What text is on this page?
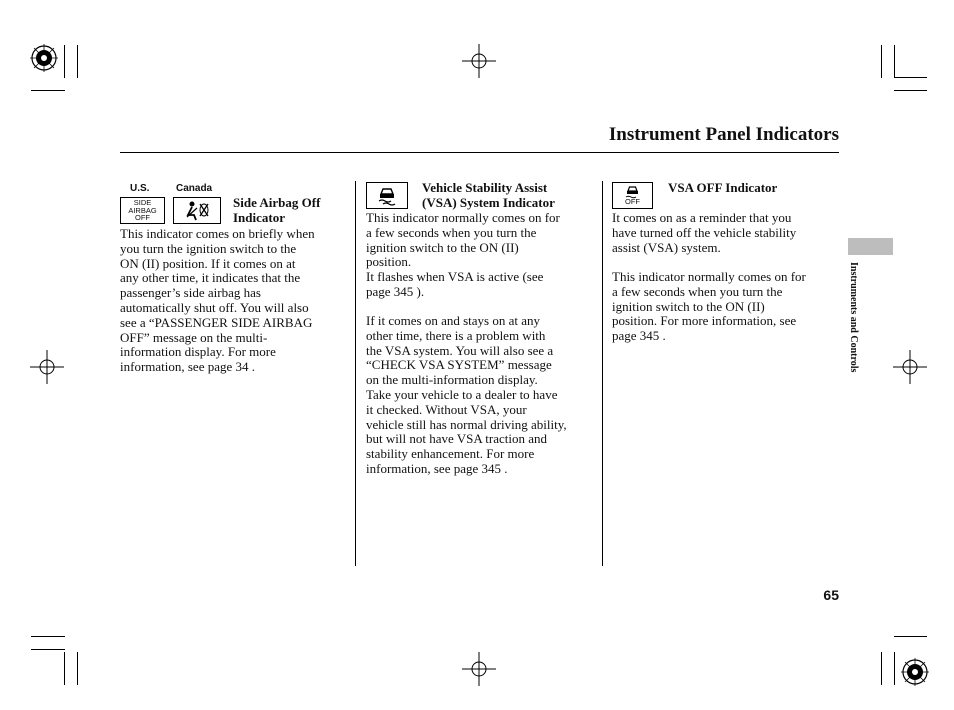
Instrument Panel Indicators
U.S.	Canada
SIDE
AIRBAG
OFF
Side Airbag Off
Indicator
This indicator comes on briefly when
you turn the ignition switch to the
ON (II) position. If it comes on at
any other time, it indicates that the
passenger’s side airbag has
automatically shut off. You will also
see a “PASSENGER SIDE AIRBAG
OFF” message on the multi-
information display. For more
information, see page 34 .
Vehicle Stability Assist
(VSA) System Indicator
This indicator normally comes on for
a few seconds when you turn the
ignition switch to the ON (II)
position.
It flashes when VSA is active (see
page 345 ).
If it comes on and stays on at any
other time, there is a problem with
the VSA system. You will also see a
“CHECK VSA SYSTEM” message
on the multi-information display.
Take your vehicle to a dealer to have
it checked. Without VSA, your
vehicle still has normal driving ability,
but will not have VSA traction and
stability enhancement. For more
information, see page 345 .
OFF
VSA OFF Indicator
It comes on as a reminder that you
have turned off the vehicle stability
assist (VSA) system.
This indicator normally comes on for
a few seconds when you turn the
ignition switch to the ON (II)
position. For more information, see
page 345 .	Instruments and Controls
65
